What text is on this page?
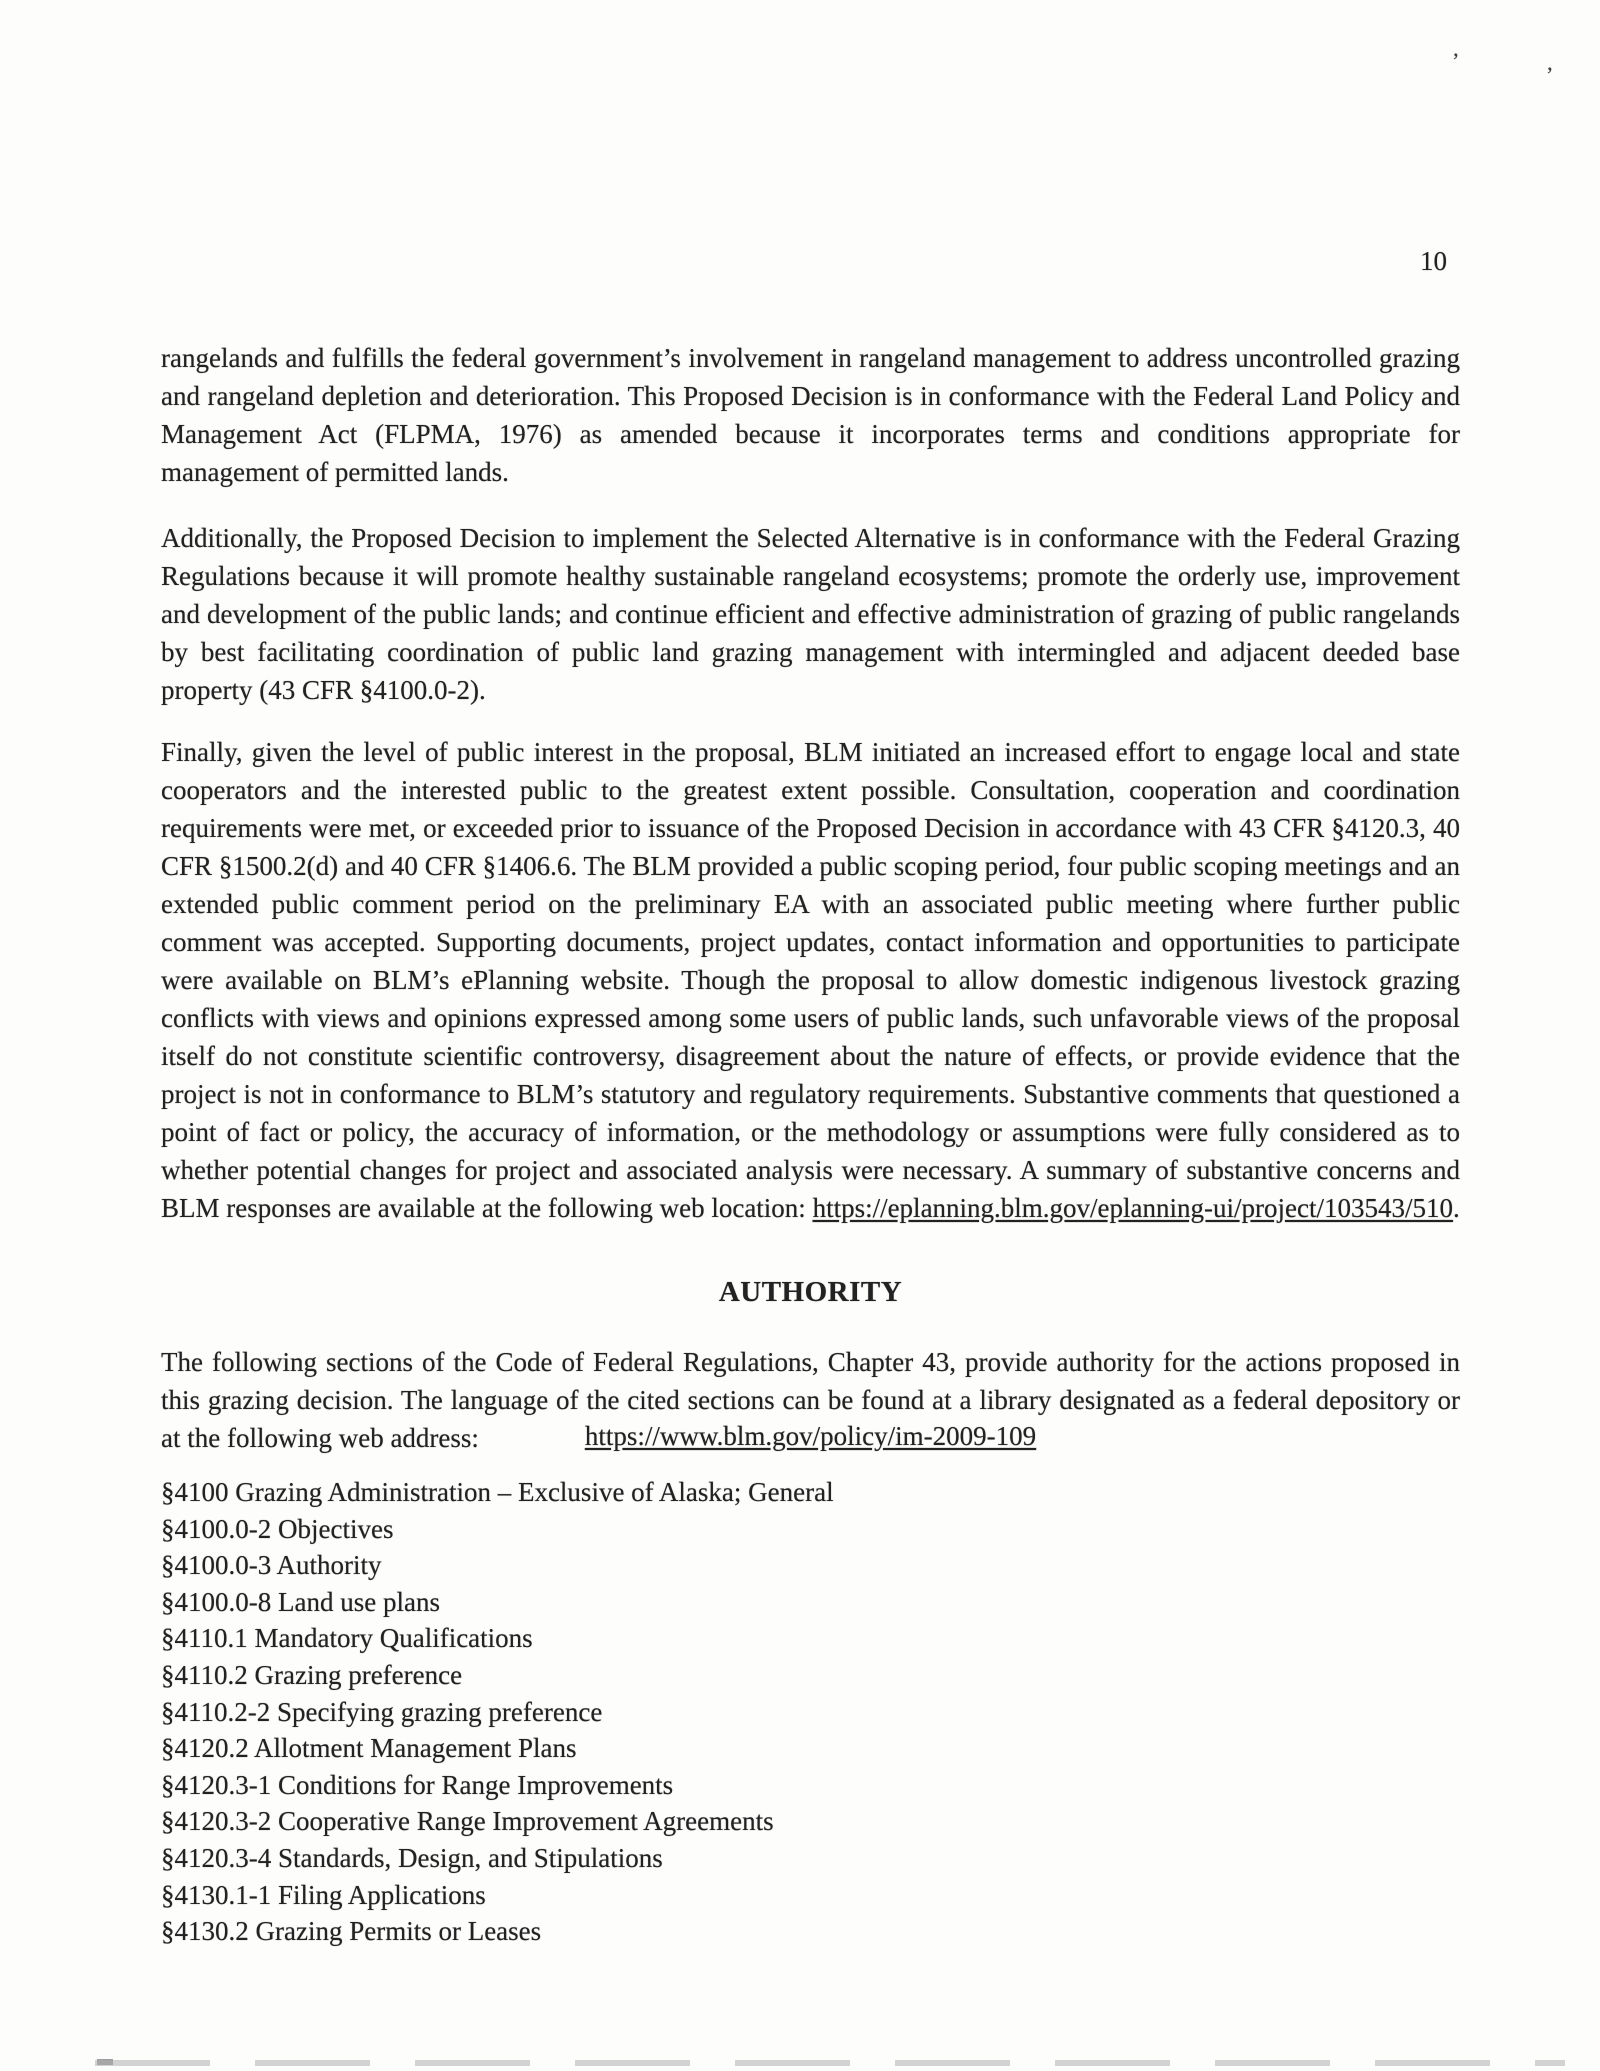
’
’
10

rangelands and fulfills the federal government’s involvement in rangeland management to address uncontrolled grazing and rangeland depletion and deterioration. This Proposed Decision is in conformance with the Federal Land Policy and Management Act (FLPMA, 1976) as amended because it incorporates terms and conditions appropriate for management of permitted lands.

Additionally, the Proposed Decision to implement the Selected Alternative is in conformance with the Federal Grazing Regulations because it will promote healthy sustainable rangeland ecosystems; promote the orderly use, improvement and development of the public lands; and continue efficient and effective administration of grazing of public rangelands by best facilitating coordination of public land grazing management with intermingled and adjacent deeded base property (43 CFR §4100.0-2).

Finally, given the level of public interest in the proposal, BLM initiated an increased effort to engage local and state cooperators and the interested public to the greatest extent possible. Consultation, cooperation and coordination requirements were met, or exceeded prior to issuance of the Proposed Decision in accordance with 43 CFR §4120.3, 40 CFR §1500.2(d) and 40 CFR §1406.6. The BLM provided a public scoping period, four public scoping meetings and an extended public comment period on the preliminary EA with an associated public meeting where further public comment was accepted. Supporting documents, project updates, contact information and opportunities to participate were available on BLM’s ePlanning website. Though the proposal to allow domestic indigenous livestock grazing conflicts with views and opinions expressed among some users of public lands, such unfavorable views of the proposal itself do not constitute scientific controversy, disagreement about the nature of effects, or provide evidence that the project is not in conformance to BLM’s statutory and regulatory requirements. Substantive comments that questioned a point of fact or policy, the accuracy of information, or the methodology or assumptions were fully considered as to whether potential changes for project and associated analysis were necessary. A summary of substantive concerns and BLM responses are available at the following web location: https://eplanning.blm.gov/eplanning-ui/project/103543/510.

AUTHORITY

The following sections of the Code of Federal Regulations, Chapter 43, provide authority for the actions proposed in this grazing decision. The language of the cited sections can be found at a library designated as a federal depository or at the following web address:	https://www.blm.gov/policy/im-2009-109
§4100 Grazing Administration – Exclusive of Alaska; General
§4100.0-2 Objectives
§4100.0-3 Authority
§4100.0-8 Land use plans
§4110.1 Mandatory Qualifications
§4110.2 Grazing preference
§4110.2-2 Specifying grazing preference
§4120.2 Allotment Management Plans
§4120.3-1 Conditions for Range Improvements
§4120.3-2 Cooperative Range Improvement Agreements
§4120.3-4 Standards, Design, and Stipulations
§4130.1-1 Filing Applications
§4130.2 Grazing Permits or Leases
